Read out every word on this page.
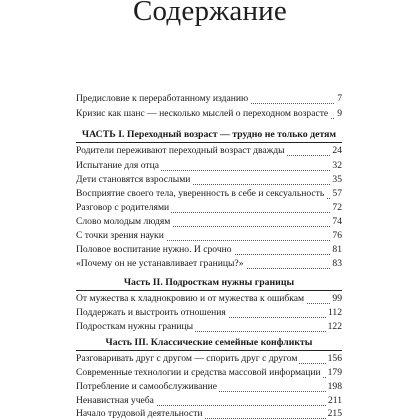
Содержание
Предисловие к переработанному изданию	7
Кризис как шанс — несколько мыслей о переходном возрасте 9
ЧАСТЬ I. Переходный возраст — трудно не только детям
Родители переживают переходный возраст дважды	24
Испытание для отца	32
Дети становятся взрослыми	35
Восприятие своего тела, уверенность в себе и сексуальность 57
Разговор с родителями	72
Слово молодым людям	74
С точки зрения науки	76
Половое воспитание нужно. И срочно	81
«Почему он не устанавливает границы?»	83
Часть II. Подросткам нужны границы
От мужества к хладнокровию и от мужества к ошибкам	99
Поддержать и выстроить отношения	112
Подросткам нужны границы	122
Часть III. Классические семейные конфликты
Разговаривать друг с другом — спорить друг с другом	156
Современные технологии и средства массовой информации 179
Потребление и самообслуживание	198
Ненавистная учеба	211
Начало трудовой деятельности	215
